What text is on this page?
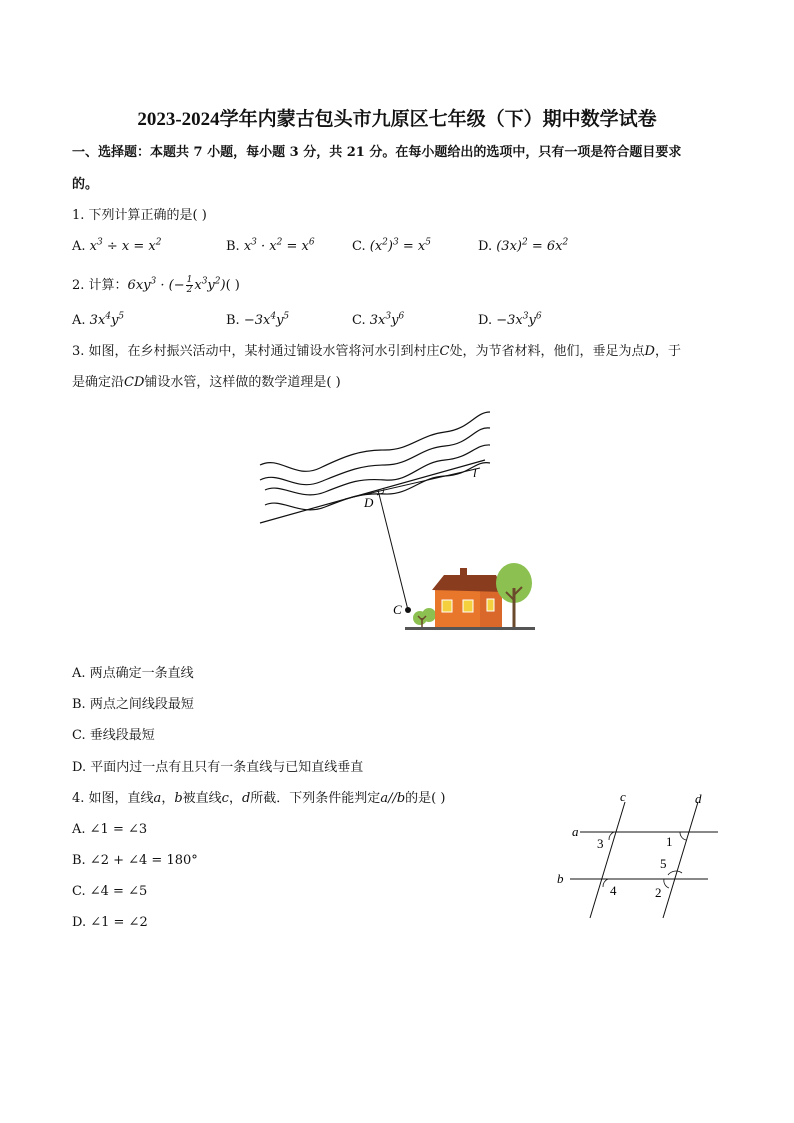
2023-2024学年内蒙古包头市九原区七年级（下）期中数学试卷
一、选择题：本题共 7 小题，每小题 3 分，共 21 分。在每小题给出的选项中，只有一项是符合题目要求
的。
1. 下列计算正确的是( )
A. $x^3 \div x = x^2$	B. $x^3 \cdot x^2 = x^6$	C. $(x^2)^3 = x^5$	D. $(3x)^2 = 6x^2$
2. 计算：$6xy^3$ · (− $\frac{1}{2} x^3y^2$)( )
A. $3x^4y^5$	B. $-3x^4y^5$	C. $3x^3y^6$	D. $-3x^3y^6$
3. 如图，在乡村振兴活动中，某村通过铺设水管将河水引到村庄C处，为节省材料，他们，垂足为点D，于
是确定沿CD铺设水管，这样做的数学道理是( )
l
D
C
A. 两点确定一条直线
B. 两点之间线段最短
C. 垂线段最短
D. 平面内过一点有且只有一条直线与已知直线垂直
4. 如图，直线a，b被直线c，d所截．下列条件能判定a//b的是( )
A. ∠1 = ∠3
B. ∠2 + ∠4 = 180°
C. ∠4 = ∠5
D. ∠1 = ∠2
c	d
a
b
3	1
4
5
2
